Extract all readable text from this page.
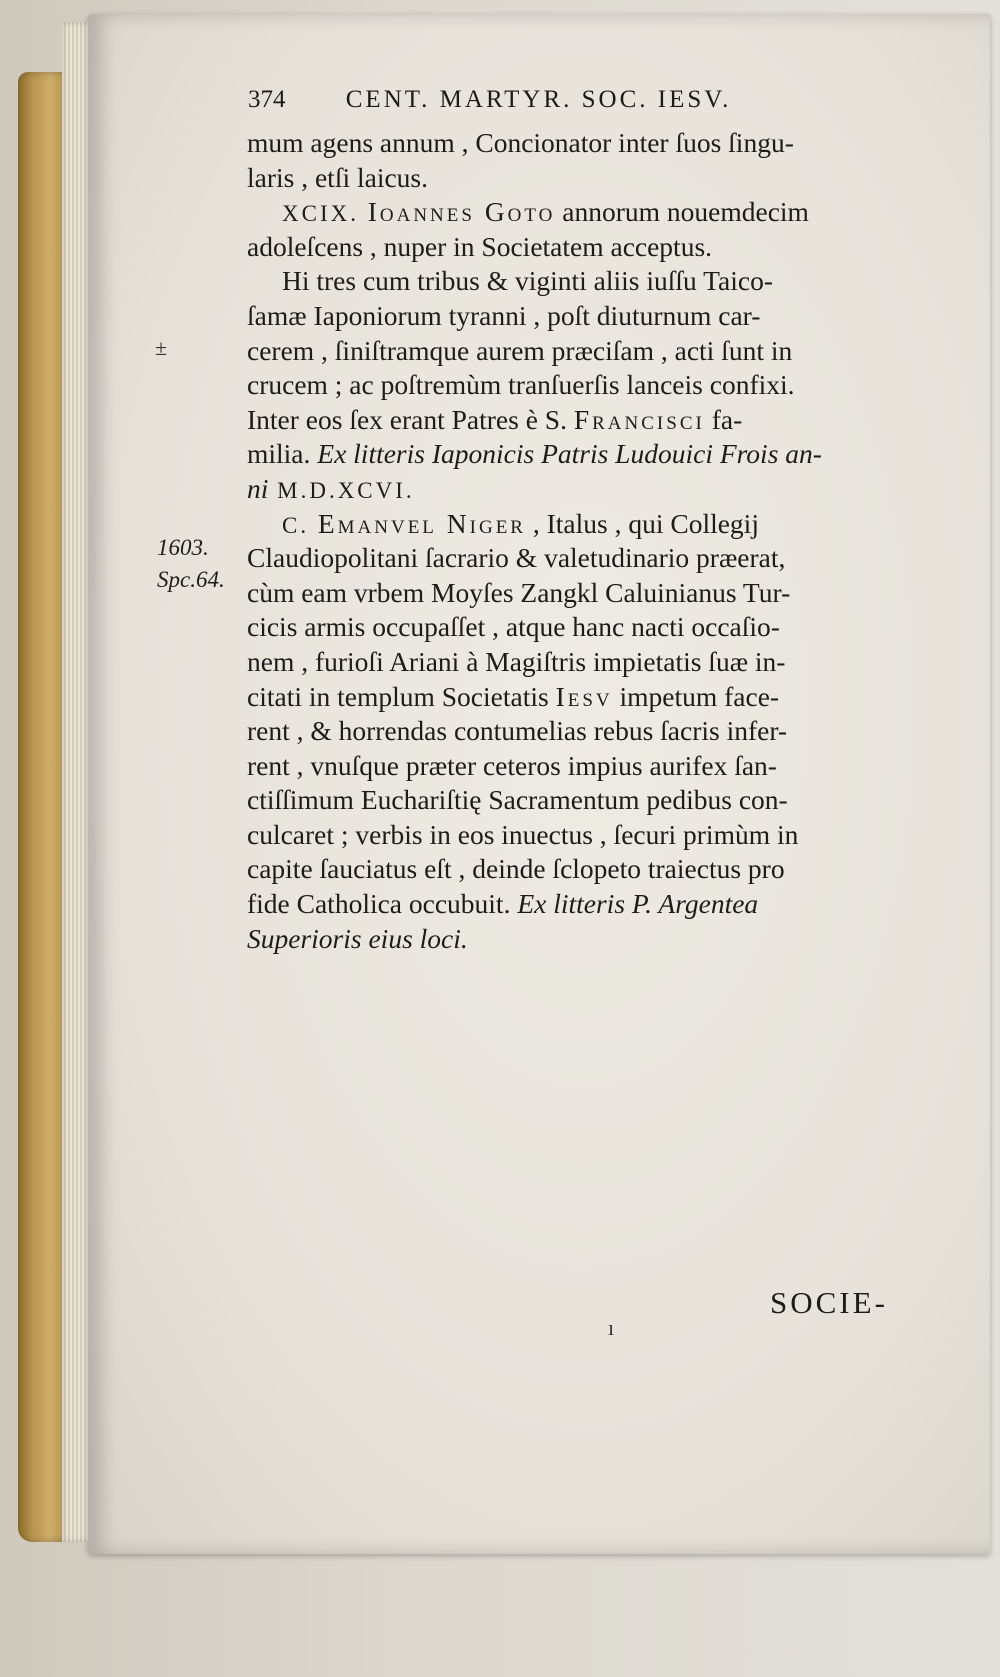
374 CENT. MARTYR. SOC. IESV.
±
1603.
Spc.64.
mum agens annum , Concionator inter ſuos ſingu-
laris , etſi laicus.
XCIX. Ioannes Goto annorum nouemdecim
adoleſcens , nuper in Societatem acceptus.
Hi tres cum tribus & viginti aliis iuſſu Taico-
ſamæ Iaponiorum tyranni , poſt diuturnum car-
cerem , ſiniſtramque aurem præciſam , acti ſunt in
crucem ; ac poſtremùm tranſuerſis lanceis confixi.
Inter eos ſex erant Patres è S. Francisci fa-
milia. Ex litteris Iaponicis Patris Ludouici Frois an-
ni M.D.XCVI.
C. Emanvel Niger , Italus , qui Collegij
Claudiopolitani ſacrario & valetudinario præerat,
cùm eam vrbem Moyſes Zangkl Caluinianus Tur-
cicis armis occupaſſet , atque hanc nacti occaſio-
nem , furioſi Ariani à Magiſtris impietatis ſuæ in-
citati in templum Societatis Iesv impetum face-
rent , & horrendas contumelias rebus ſacris infer-
rent , vnuſque præter ceteros impius aurifex ſan-
ctiſſimum Euchariſtię Sacramentum pedibus con-
culcaret ; verbis in eos inuectus , ſecuri primùm in
capite ſauciatus eſt , deinde ſclopeto traiectus pro
fide Catholica occubuit. Ex litteris P. Argentea
Superioris eius loci.
SOCIE-
ı
